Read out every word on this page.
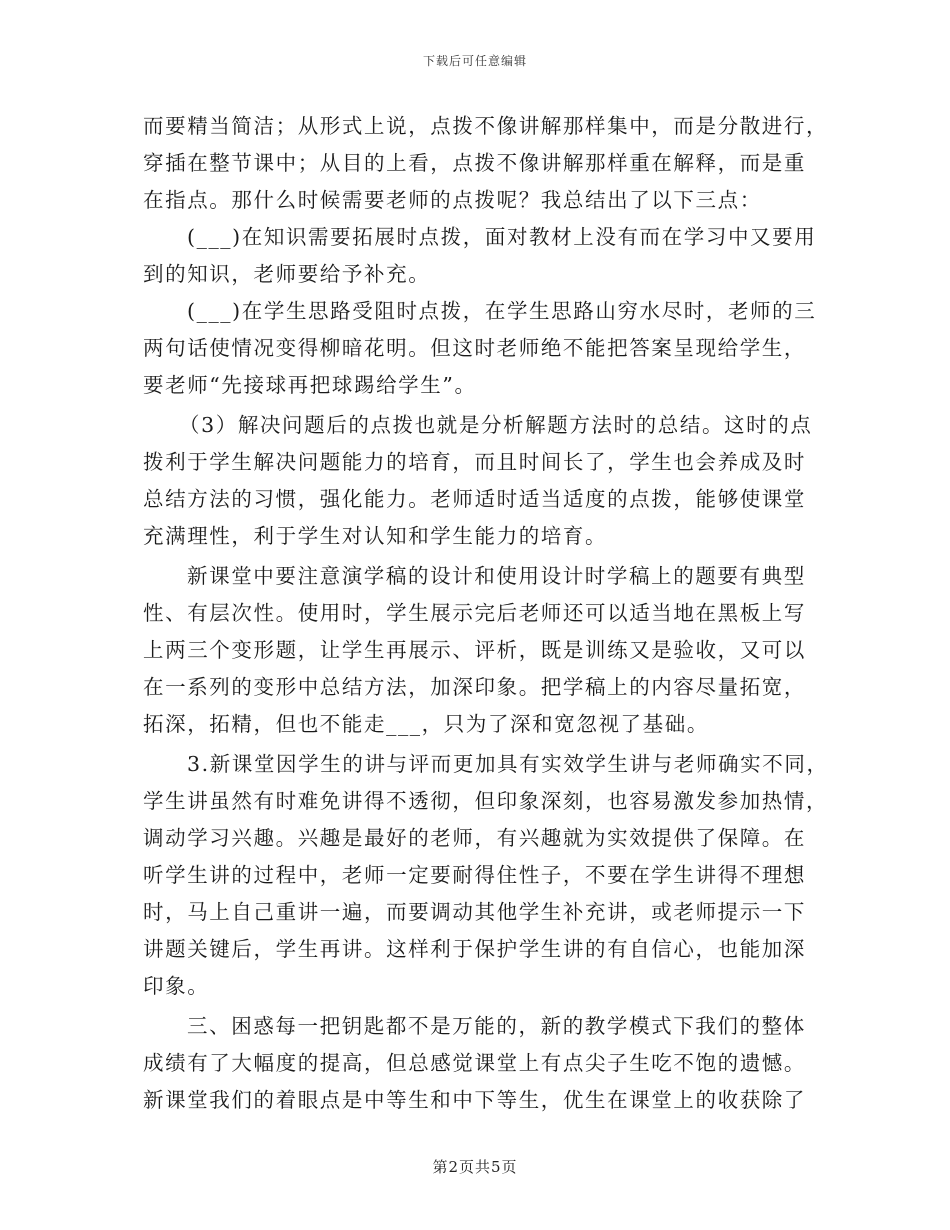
下载后可任意编辑
而要精当简洁；从形式上说，点拨不像讲解那样集中，而是分散进行，
穿插在整节课中；从目的上看，点拨不像讲解那样重在解释，而是重
在指点。那什么时候需要老师的点拨呢？我总结出了以下三点：
(___)在知识需要拓展时点拨，面对教材上没有而在学习中又要用
到的知识，老师要给予补充。
(___)在学生思路受阻时点拨，在学生思路山穷水尽时，老师的三
两句话使情况变得柳暗花明。但这时老师绝不能把答案呈现给学生，
要老师“先接球再把球踢给学生”。
（3）解决问题后的点拨也就是分析解题方法时的总结。这时的点
拨利于学生解决问题能力的培育，而且时间长了，学生也会养成及时
总结方法的习惯，强化能力。老师适时适当适度的点拨，能够使课堂
充满理性，利于学生对认知和学生能力的培育。
新课堂中要注意演学稿的设计和使用设计时学稿上的题要有典型
性、有层次性。使用时，学生展示完后老师还可以适当地在黑板上写
上两三个变形题，让学生再展示、评析，既是训练又是验收，又可以
在一系列的变形中总结方法，加深印象。把学稿上的内容尽量拓宽，
拓深，拓精，但也不能走___，只为了深和宽忽视了基础。
3.新课堂因学生的讲与评而更加具有实效学生讲与老师确实不同，
学生讲虽然有时难免讲得不透彻，但印象深刻，也容易激发参加热情，
调动学习兴趣。兴趣是最好的老师，有兴趣就为实效提供了保障。在
听学生讲的过程中，老师一定要耐得住性子，不要在学生讲得不理想
时，马上自己重讲一遍，而要调动其他学生补充讲，或老师提示一下
讲题关键后，学生再讲。这样利于保护学生讲的有自信心，也能加深
印象。
三、困惑每一把钥匙都不是万能的，新的教学模式下我们的整体
成绩有了大幅度的提高，但总感觉课堂上有点尖子生吃不饱的遗憾。
新课堂我们的着眼点是中等生和中下等生，优生在课堂上的收获除了
第2页共5页
